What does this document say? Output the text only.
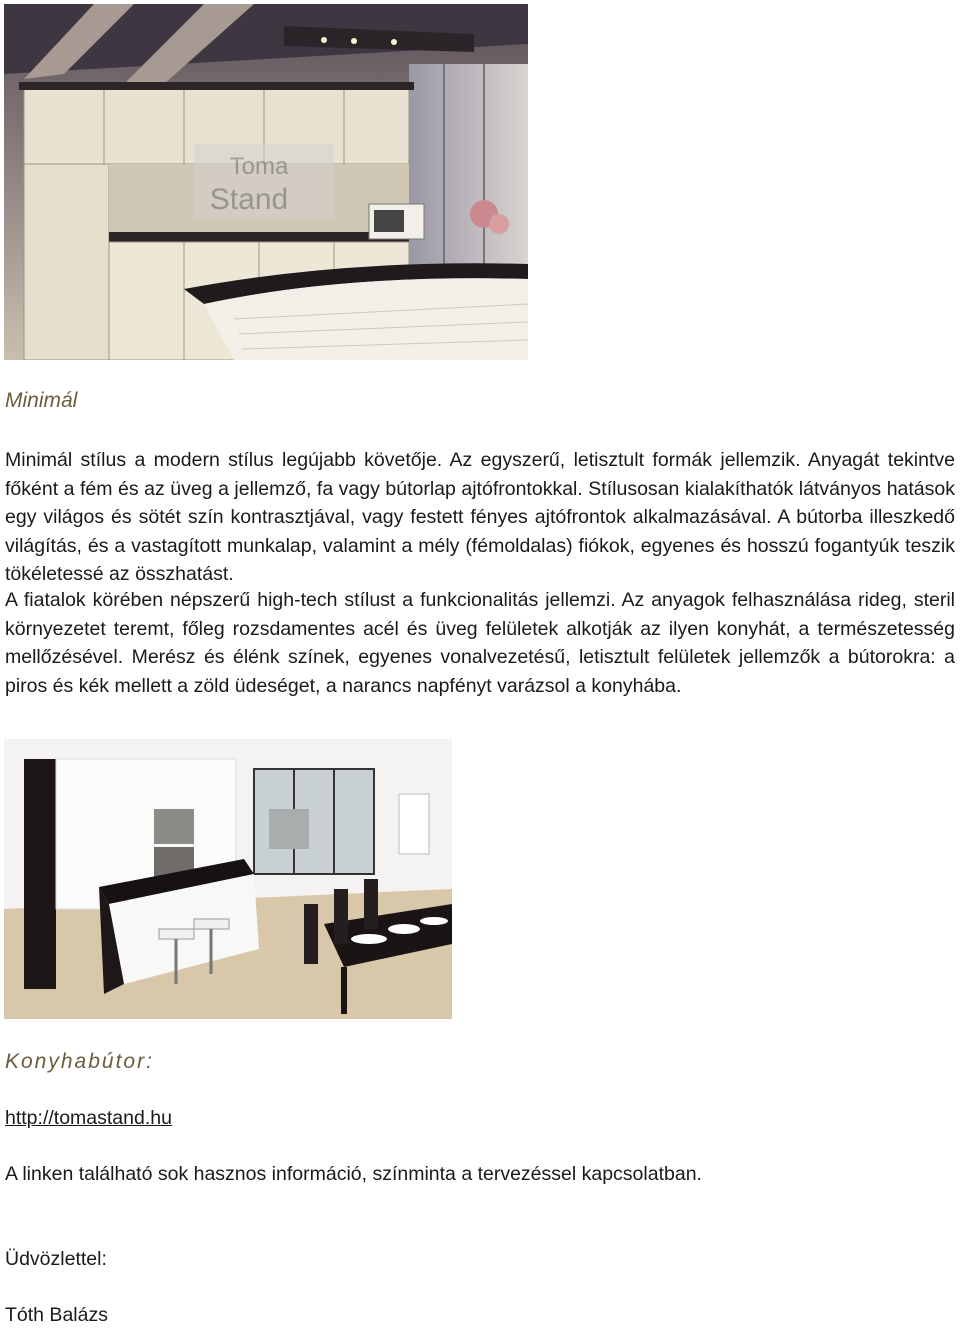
Toma
Stand
Minimál

Minimál stílus a modern stílus legújabb követője. Az egyszerű, letisztult formák jellemzik. Anyagát tekintve főként a fém és az üveg a jellemző, fa vagy bútorlap ajtófrontokkal. Stílusosan kialakíthatók látványos hatások egy világos és sötét szín kontrasztjával, vagy festett fényes ajtófrontok alkalmazásával. A bútorba illeszkedő világítás, és a vastagított munkalap, valamint a mély (fémoldalas) fiókok, egyenes és hosszú fogantyúk teszik tökéletessé az összhatást.

A fiatalok körében népszerű high-tech stílust a funkcionalitás jellemzi. Az anyagok felhasználása rideg, steril környezetet teremt, főleg rozsdamentes acél és üveg felületek alkotják az ilyen konyhát, a természetesség mellőzésével. Merész és élénk színek, egyenes vonalvezetésű, letisztult felületek jellemzők a bútorokra: a piros és kék mellett a zöld üdeséget, a narancs napfényt varázsol a konyhába.

Konyhabútor:
http://tomastand.hu

A linken található sok hasznos információ, színminta a tervezéssel kapcsolatban.

Üdvözlettel:

Tóth Balázs
